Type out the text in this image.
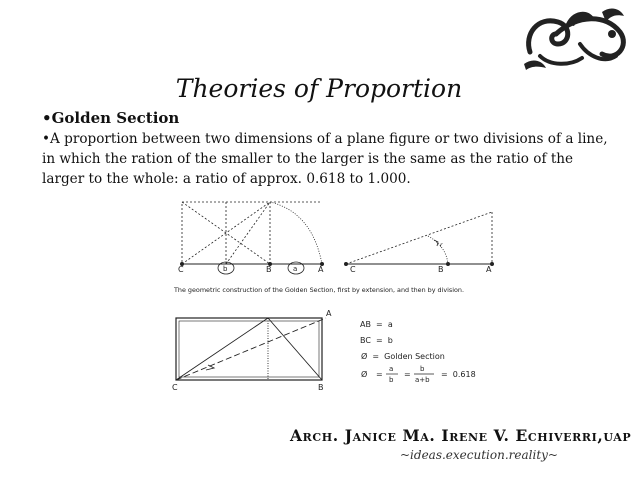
Theories of Proportion
•Golden Section
•A proportion between two dimensions of a plane figure or two divisions of a line, in which the ration of the smaller to the larger is the same as the ratio of the larger to the whole: a ratio of approx. 0.618 to 1.000.
C	b	B	a	A
r
C	B	A
The geometric construction of the Golden Section, first by extension, and then by division.
A
C	B
AB  =  a
BC  =  b
Ø  =  Golden Section
Ø =
a
b
=
b
a+b
=  0.618
Arch. Janice Ma. Irene V. Echiverri,uap
~ideas.execution.reality~
